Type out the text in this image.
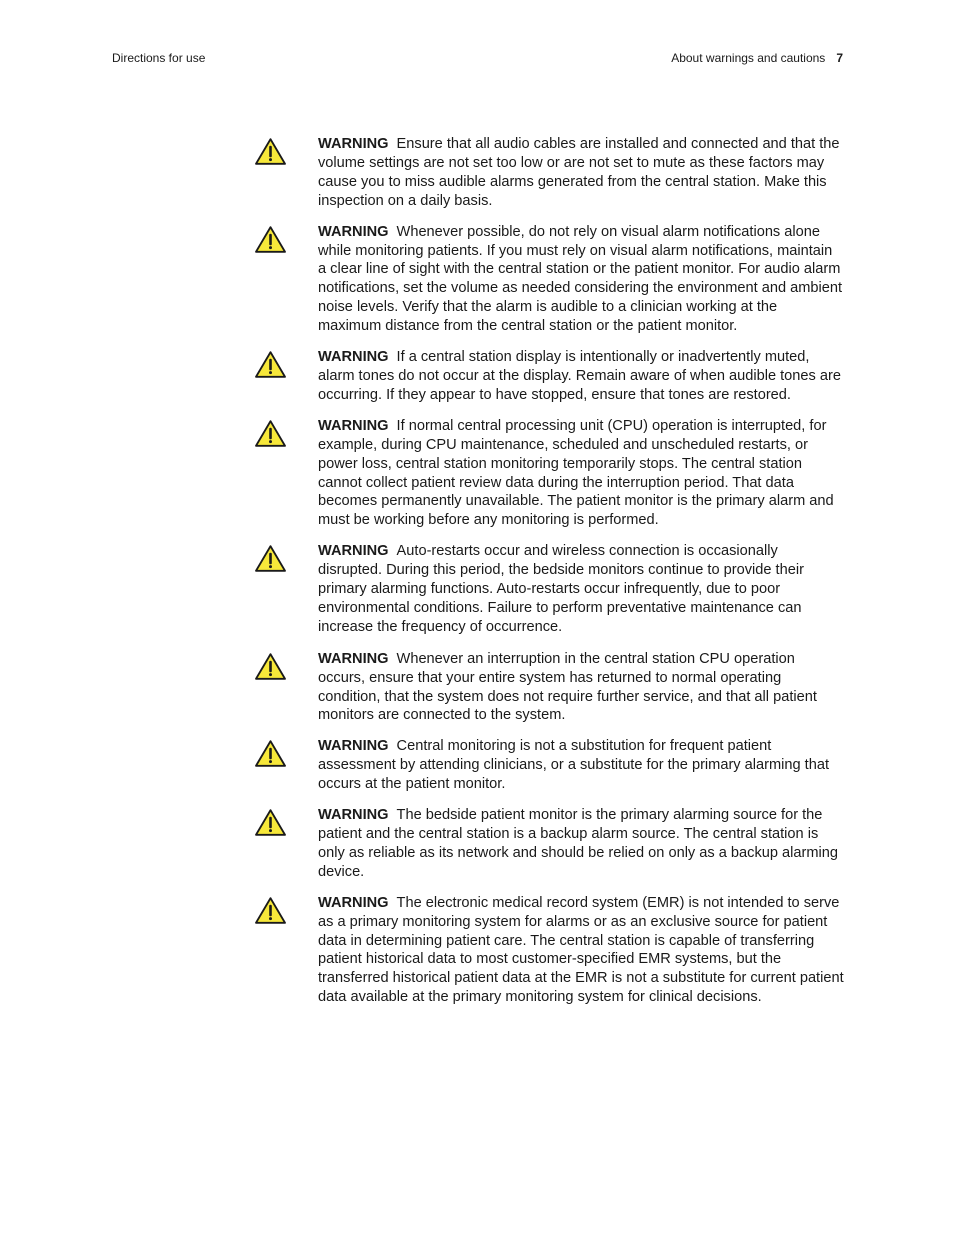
Directions for use	About warnings and cautions 7

WARNING Ensure that all audio cables are installed and connected and that the volume settings are not set too low or are not set to mute as these factors may cause you to miss audible alarms generated from the central station. Make this inspection on a daily basis.

WARNING Whenever possible, do not rely on visual alarm notifications alone while monitoring patients. If you must rely on visual alarm notifications, maintain a clear line of sight with the central station or the patient monitor. For audio alarm notifications, set the volume as needed considering the environment and ambient noise levels. Verify that the alarm is audible to a clinician working at the maximum distance from the central station or the patient monitor.

WARNING If a central station display is intentionally or inadvertently muted, alarm tones do not occur at the display. Remain aware of when audible tones are occurring. If they appear to have stopped, ensure that tones are restored.

WARNING If normal central processing unit (CPU) operation is interrupted, for example, during CPU maintenance, scheduled and unscheduled restarts, or power loss, central station monitoring temporarily stops. The central station cannot collect patient review data during the interruption period. That data becomes permanently unavailable. The patient monitor is the primary alarm and must be working before any monitoring is performed.

WARNING Auto-restarts occur and wireless connection is occasionally disrupted. During this period, the bedside monitors continue to provide their primary alarming functions. Auto-restarts occur infrequently, due to poor environmental conditions. Failure to perform preventative maintenance can increase the frequency of occurrence.

WARNING Whenever an interruption in the central station CPU operation occurs, ensure that your entire system has returned to normal operating condition, that the system does not require further service, and that all patient monitors are connected to the system.

WARNING Central monitoring is not a substitution for frequent patient assessment by attending clinicians, or a substitute for the primary alarming that occurs at the patient monitor.

WARNING The bedside patient monitor is the primary alarming source for the patient and the central station is a backup alarm source. The central station is only as reliable as its network and should be relied on only as a backup alarming device.

WARNING The electronic medical record system (EMR) is not intended to serve as a primary monitoring system for alarms or as an exclusive source for patient data in determining patient care. The central station is capable of transferring patient historical data to most customer-specified EMR systems, but the transferred historical patient data at the EMR is not a substitute for current patient data available at the primary monitoring system for clinical decisions.
